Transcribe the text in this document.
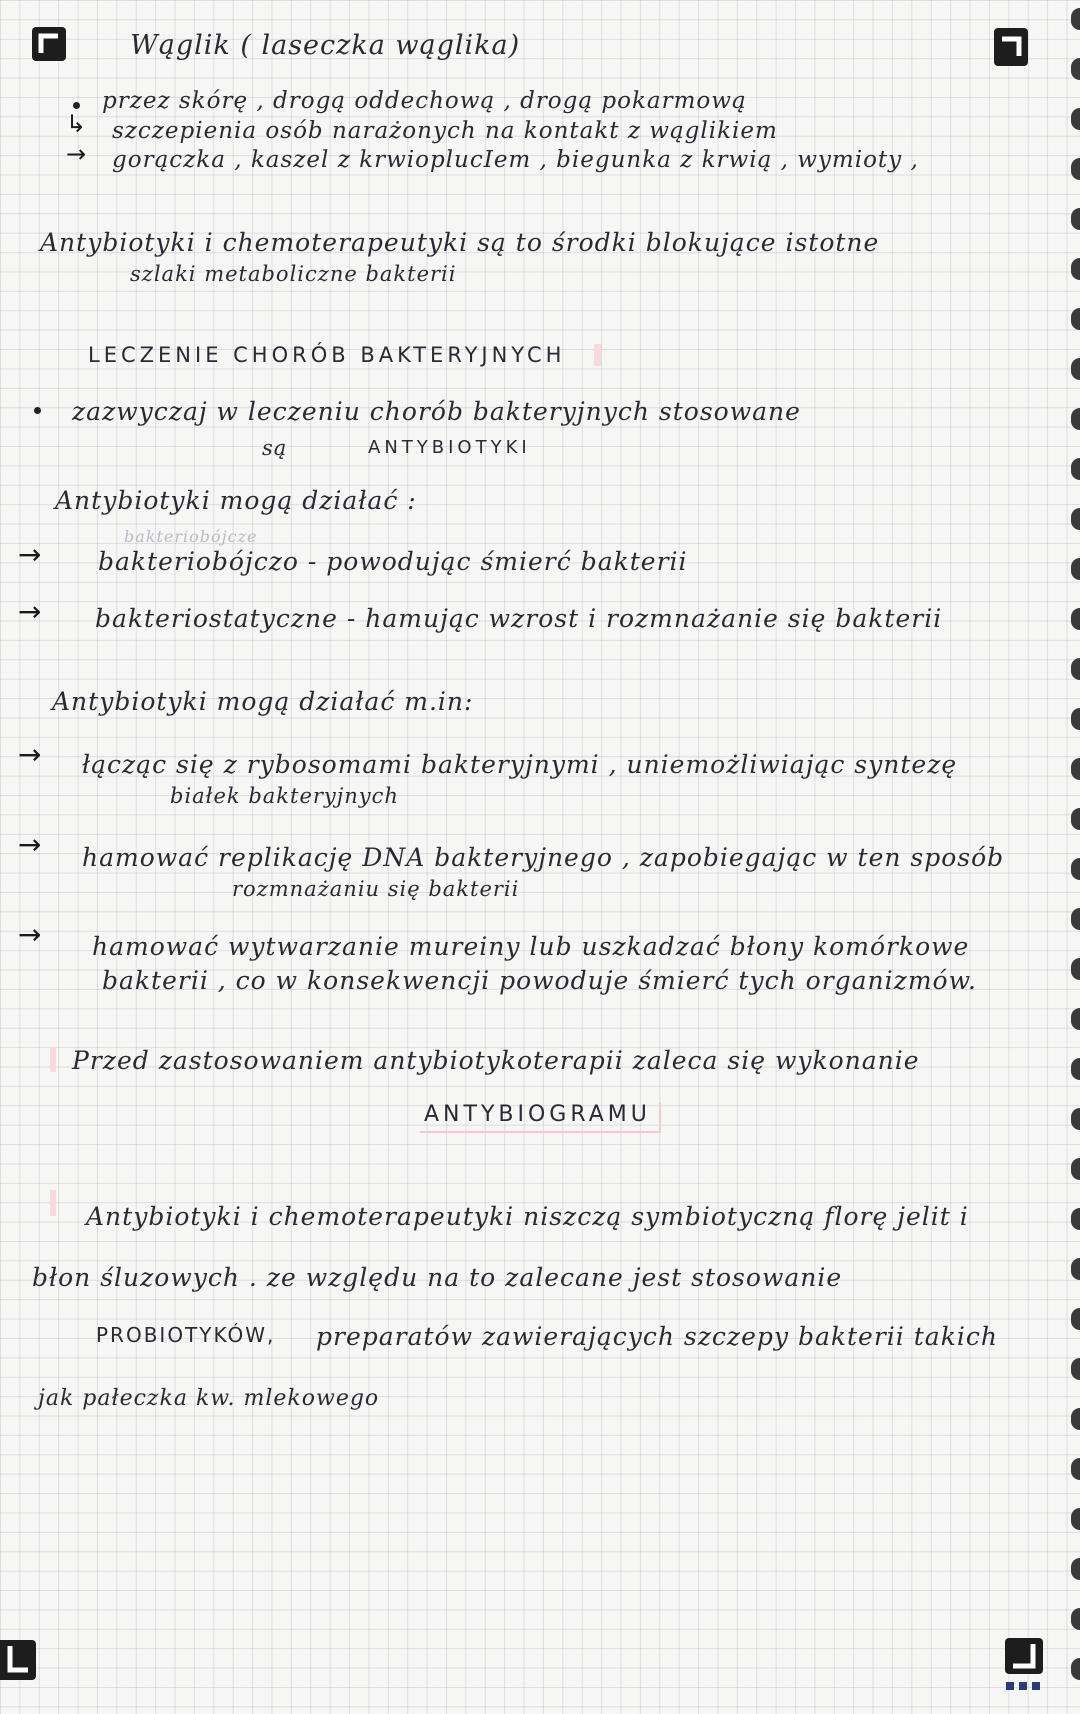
Wąglik ( laseczka wąglika)
przez skórę , drogą oddechową , drogą pokarmową
↳ szczepienia osób narażonych na kontakt z wąglikiem
→ gorączka , kaszel z krwioplucIem , biegunka z krwią , wymioty ,
Antybiotyki i chemoterapeutyki są to środki blokujące istotne
szlaki metaboliczne bakterii
LECZENIE CHORÓB BAKTERYJNYCH
zazwyczaj w leczeniu chorób bakteryjnych stosowane
są	ANTYBIOTYKI
Antybiotyki mogą działać :
bakteriobójcze
→ bakteriobójczo - powodując śmierć bakterii
→ bakteriostatyczne - hamując wzrost i rozmnażanie się bakterii
Antybiotyki mogą działać m.in:
→ łącząc się z rybosomami bakteryjnymi , uniemożliwiając syntezę
białek bakteryjnych
→ hamować replikację DNA bakteryjnego , zapobiegając w ten sposób
rozmnażaniu się bakterii
→ hamować wytwarzanie mureiny lub uszkadzać błony komórkowe
bakterii , co w konsekwencji powoduje śmierć tych organizmów.
Przed zastosowaniem antybiotykoterapii zaleca się wykonanie
ANTYBIOGRAMU
Antybiotyki i chemoterapeutyki niszczą symbiotyczną florę jelit i
błon śluzowych . ze względu na to zalecane jest stosowanie
PROBIOTYKÓW, preparatów zawierających szczepy bakterii takich
jak pałeczka kw. mlekowego
